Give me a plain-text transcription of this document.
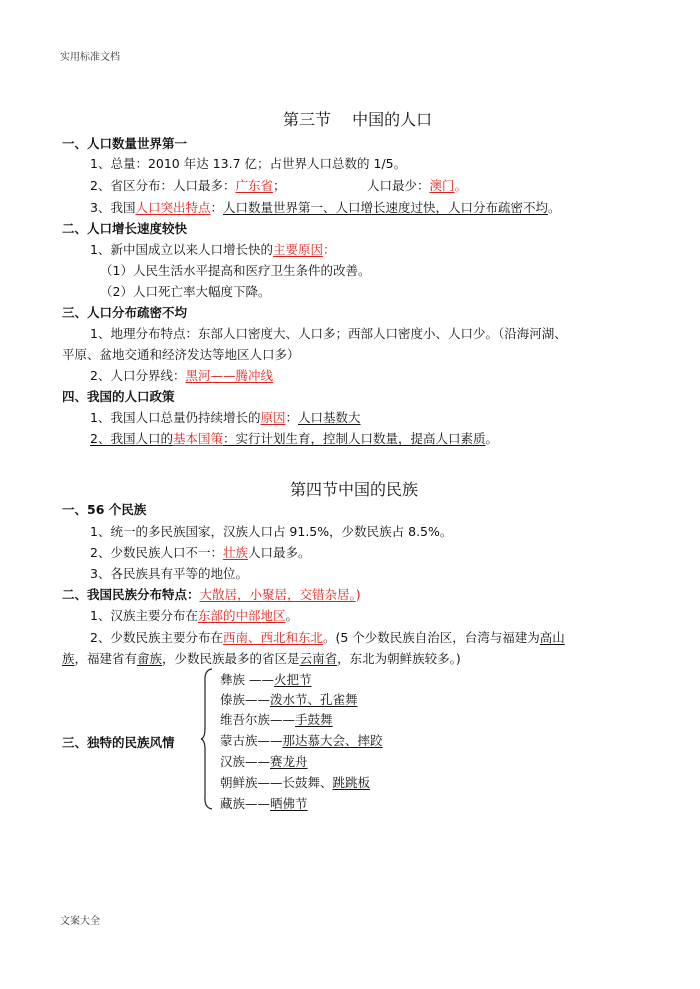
实用标准文档
文案大全
第三节　 中国的人口
一、人口数量世界第一
1、总量：2010 年达 13.7 亿；占世界人口总数的 1/5。
2、省区分布：人口最多：广东省；	人口最少：澳门。
3、我国人口突出特点：人口数量世界第一、人口增长速度过快，人口分布疏密不均。
二、人口增长速度较快
1、新中国成立以来人口增长快的主要原因：
（1）人民生活水平提高和医疗卫生条件的改善。
（2）人口死亡率大幅度下降。
三、人口分布疏密不均
1、地理分布特点：东部人口密度大、人口多；西部人口密度小、人口少。（沿海河湖、
平原、盆地交通和经济发达等地区人口多）
2、人口分界线：黑河——腾冲线
四、我国的人口政策
1、我国人口总量仍持续增长的原因：人口基数大
2、我国人口的基本国策：实行计划生育，控制人口数量，提高人口素质。
第四节中国的民族
一、56 个民族
1、统一的多民族国家，汉族人口占 91.5%，少数民族占 8.5%。
2、少数民族人口不一：壮族人口最多。
3、各民族具有平等的地位。
二、我国民族分布特点：大散居，小聚居，交错杂居。)
1、汉族主要分布在东部的中部地区。
2、少数民族主要分布在西南、西北和东北。(5 个少数民族自治区，台湾与福建为高山
族，福建省有畲族，少数民族最多的省区是云南省，东北为朝鲜族较多。)
三、独特的民族风情
彝族 ——火把节
傣族——泼水节、孔雀舞
维吾尔族——手鼓舞
蒙古族——那达慕大会、摔跤
汉族——赛龙舟
朝鲜族——长鼓舞、跳跳板
藏族——晒佛节
